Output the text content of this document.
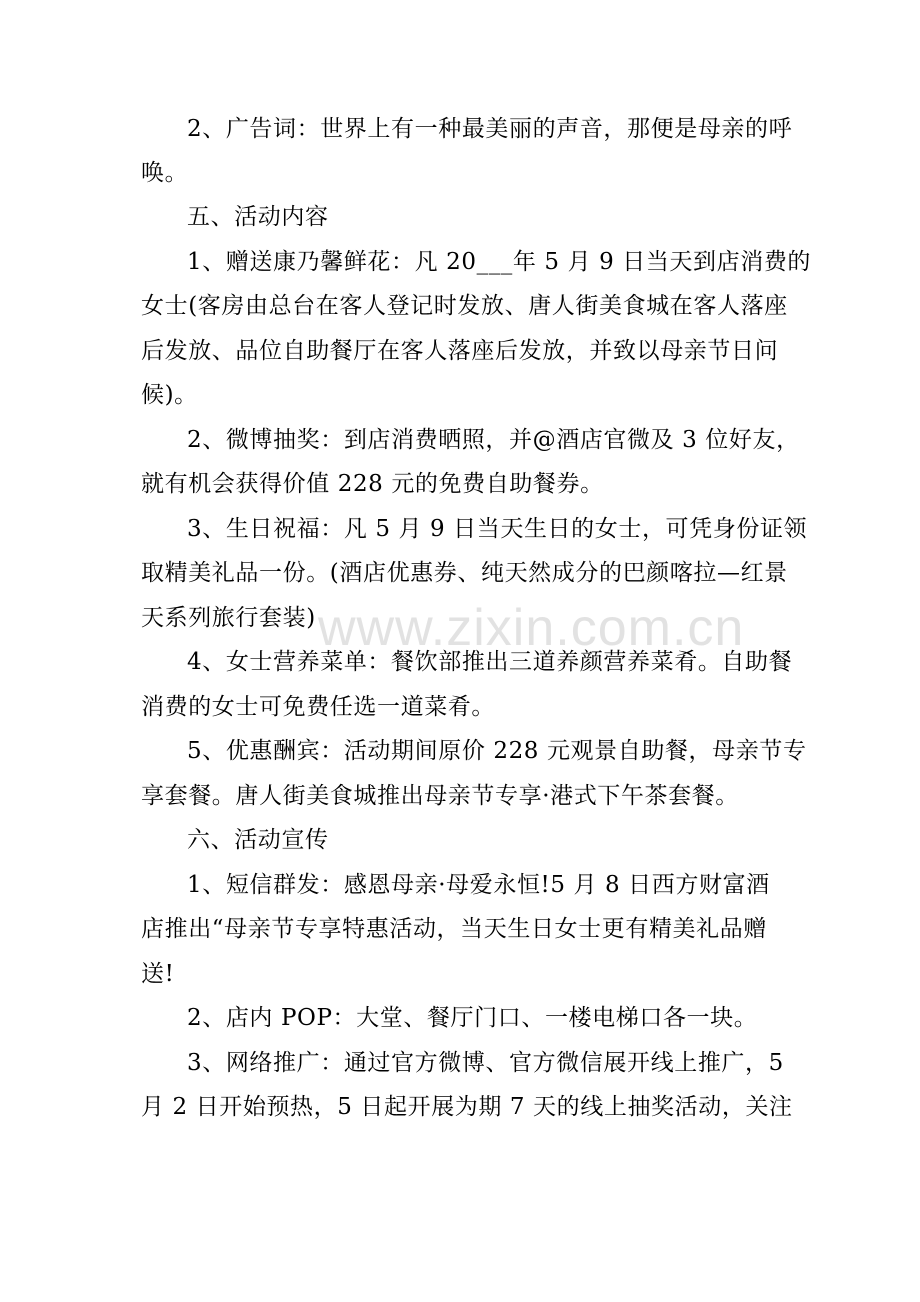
2、广告词：世界上有一种最美丽的声音，那便是母亲的呼
唤。
五、活动内容
1、赠送康乃馨鲜花：凡 20___年 5 月 9 日当天到店消费的
女士(客房由总台在客人登记时发放、唐人街美食城在客人落座
后发放、品位自助餐厅在客人落座后发放，并致以母亲节日问
候)。
2、微博抽奖：到店消费晒照，并@酒店官微及 3 位好友，
就有机会获得价值 228 元的免费自助餐券。
3、生日祝福：凡 5 月 9 日当天生日的女士，可凭身份证领
取精美礼品一份。(酒店优惠券、纯天然成分的巴颜喀拉—红景
天系列旅行套装)
4、女士营养菜单：餐饮部推出三道养颜营养菜肴。自助餐
消费的女士可免费任选一道菜肴。
5、优惠酬宾：活动期间原价 228 元观景自助餐，母亲节专
享套餐。唐人街美食城推出母亲节专享·港式下午茶套餐。
六、活动宣传
1、短信群发：感恩母亲·母爱永恒!5 月 8 日西方财富酒
店推出“母亲节专享特惠活动，当天生日女士更有精美礼品赠
送!
2、店内 POP：大堂、餐厅门口、一楼电梯口各一块。
3、网络推广：通过官方微博、官方微信展开线上推广，5
月 2 日开始预热，5 日起开展为期 7 天的线上抽奖活动，关注
www.zixin.com.cn
